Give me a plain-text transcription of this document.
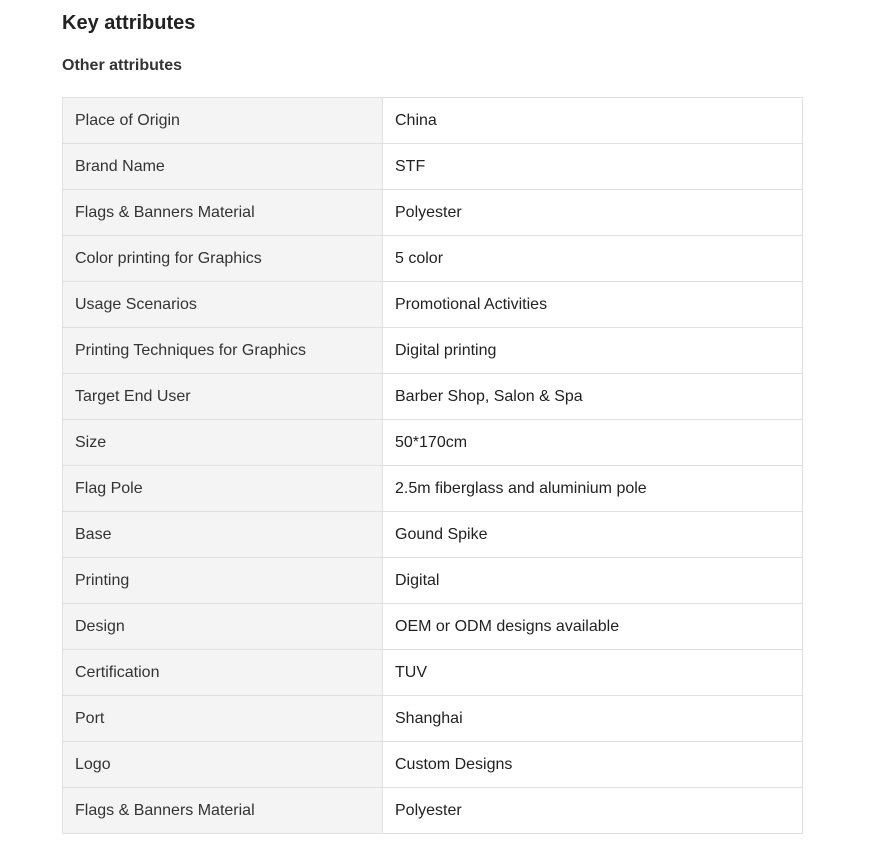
Key attributes
Other attributes
Place of Origin	China
Brand Name	STF
Flags & Banners Material	Polyester
Color printing for Graphics	5 color
Usage Scenarios	Promotional Activities
Printing Techniques for Graphics	Digital printing
Target End User	Barber Shop, Salon & Spa
Size	50*170cm
Flag Pole	2.5m fiberglass and aluminium pole
Base	Gound Spike
Printing	Digital
Design	OEM or ODM designs available
Certification	TUV
Port	Shanghai
Logo	Custom Designs
Flags & Banners Material	Polyester
